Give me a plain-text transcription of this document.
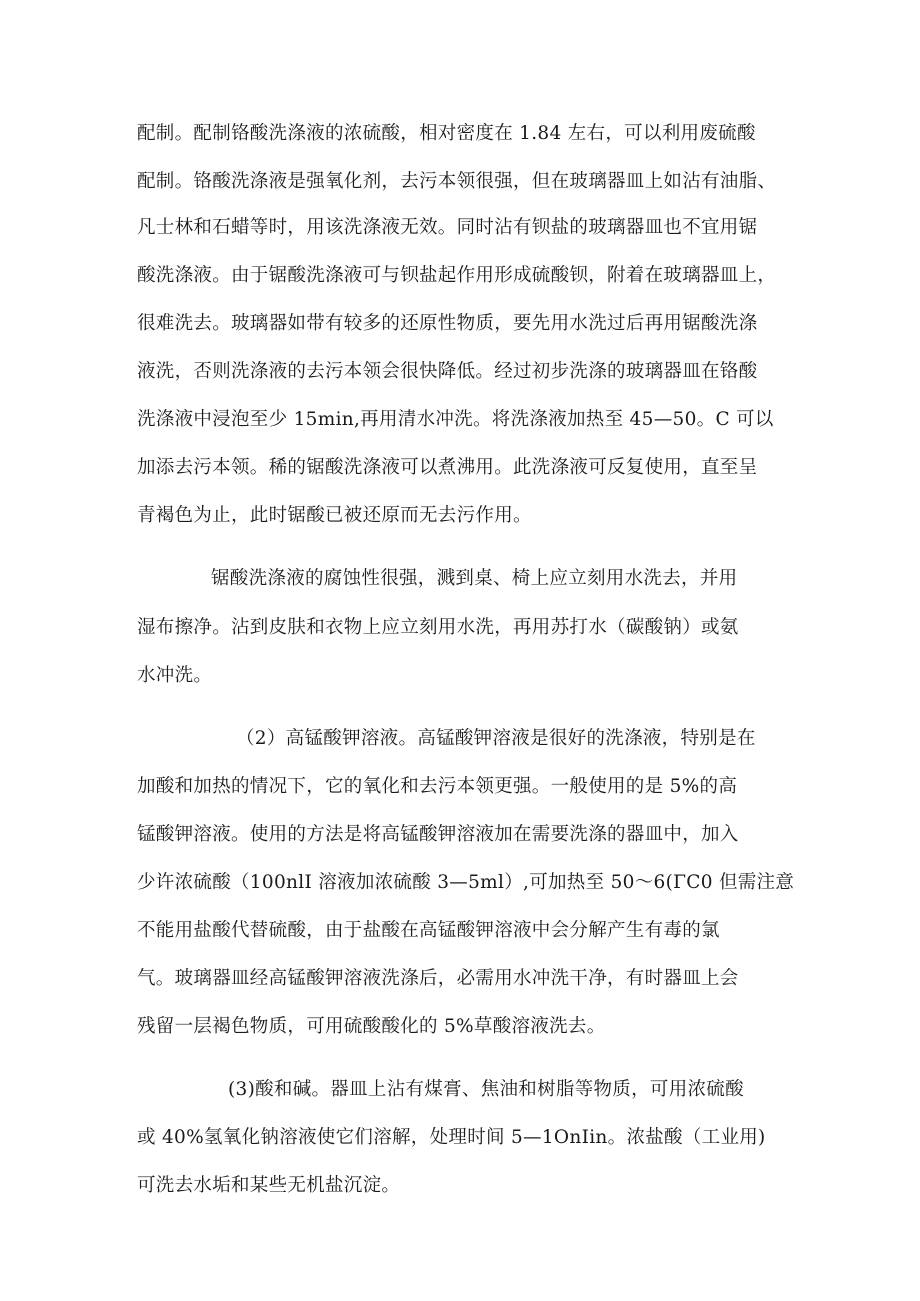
配制。配制铬酸洗涤液的浓硫酸，相对密度在 1.84 左右，可以利用废硫酸
配制。铬酸洗涤液是强氧化剂，去污本领很强，但在玻璃器皿上如沾有油脂、
凡士林和石蜡等时，用该洗涤液无效。同时沾有钡盐的玻璃器皿也不宜用锯
酸洗涤液。由于锯酸洗涤液可与钡盐起作用形成硫酸钡，附着在玻璃器皿上，
很难洗去。玻璃器如带有较多的还原性物质，要先用水洗过后再用锯酸洗涤
液洗，否则洗涤液的去污本领会很快降低。经过初步洗涤的玻璃器皿在铬酸
洗涤液中浸泡至少 15min,再用清水冲洗。将洗涤液加热至 45—50。C 可以
加添去污本领。稀的锯酸洗涤液可以煮沸用。此洗涤液可反复使用，直至呈
青褐色为止，此时锯酸已被还原而无去污作用。
锯酸洗涤液的腐蚀性很强，溅到桌、椅上应立刻用水洗去，并用
湿布擦净。沾到皮肤和衣物上应立刻用水洗，再用苏打水（碳酸钠）或氨
水冲洗。
（2）高锰酸钾溶液。高锰酸钾溶液是很好的洗涤液，特别是在
加酸和加热的情况下，它的氧化和去污本领更强。一般使用的是 5%的高
锰酸钾溶液。使用的方法是将高锰酸钾溶液加在需要洗涤的器皿中，加入
少许浓硫酸（100nlI 溶液加浓硫酸 3—5ml）,可加热至 50～6(ΓC0 但需注意
不能用盐酸代替硫酸，由于盐酸在高锰酸钾溶液中会分解产生有毒的氯
气。玻璃器皿经高锰酸钾溶液洗涤后，必需用水冲洗干净，有时器皿上会
残留一层褐色物质，可用硫酸酸化的 5%草酸溶液洗去。
(3)酸和碱。器皿上沾有煤膏、焦油和树脂等物质，可用浓硫酸
或 40%氢氧化钠溶液使它们溶解，处理时间 5—1OnIin。浓盐酸（工业用)
可洗去水垢和某些无机盐沉淀。
